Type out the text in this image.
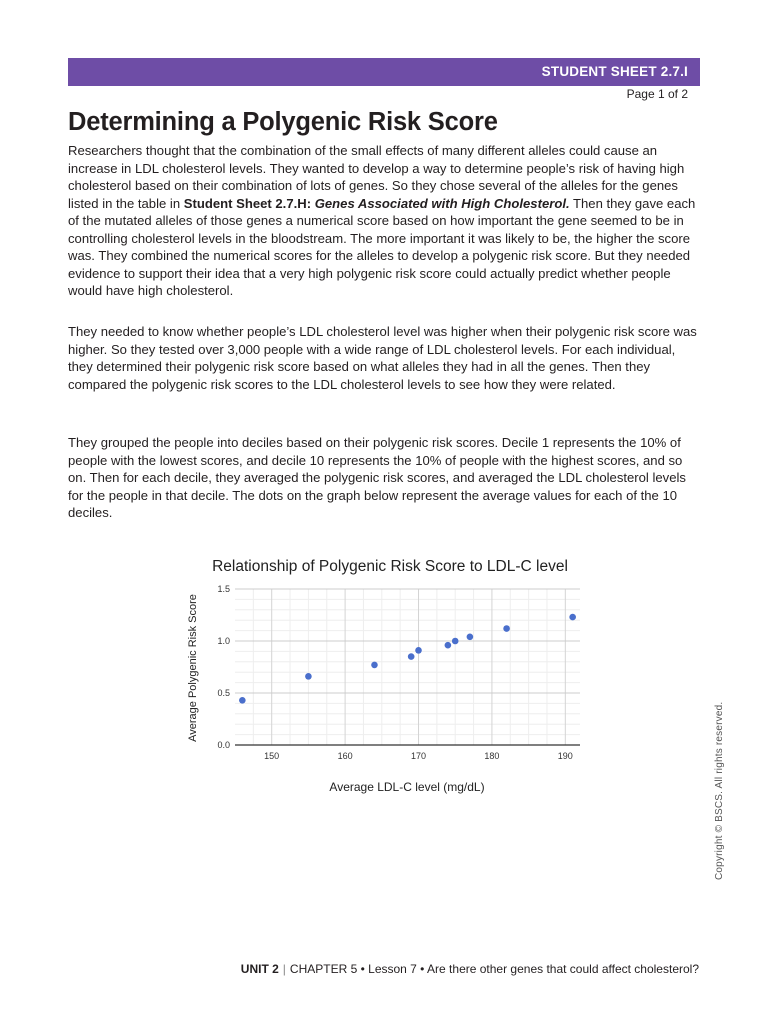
STUDENT SHEET 2.7.I
Page 1 of 2
Determining a Polygenic Risk Score

Researchers thought that the combination of the small effects of many different alleles could cause an increase in LDL cholesterol levels. They wanted to develop a way to determine people’s risk of having high cholesterol based on their combination of lots of genes. So they chose several of the alleles for the genes listed in the table in Student Sheet 2.7.H: Genes Associated with High Cholesterol. Then they gave each of the mutated alleles of those genes a numerical score based on how important the gene seemed to be in controlling cholesterol levels in the bloodstream. The more important it was likely to be, the higher the score was. They combined the numerical scores for the alleles to develop a polygenic risk score. But they needed evidence to support their idea that a very high polygenic risk score could actually predict whether people would have high cholesterol.

They needed to know whether people’s LDL cholesterol level was higher when their polygenic risk score was higher. So they tested over 3,000 people with a wide range of LDL cholesterol levels. For each individual, they determined their polygenic risk score based on what alleles they had in all the genes. Then they compared the polygenic risk scores to the LDL cholesterol levels to see how they were related.

They grouped the people into deciles based on their polygenic risk scores. Decile 1 represents the 10% of people with the lowest scores, and decile 10 represents the 10% of people with the highest scores, and so on. Then for each decile, they averaged the polygenic risk scores, and averaged the LDL cholesterol levels for the people in that decile. The dots on the graph below represent the average values for each of the 10 deciles.

Relationship of Polygenic Risk Score to LDL-C level
Average Polygenic Risk Score
Average LDL-C level (mg/dL)
150	160	170	180	190
0.0
0.5
1.0
1.5
Copyright © BSCS. All rights reserved.
UNIT 2 | CHAPTER 5 • Lesson 7 • Are there other genes that could affect cholesterol?
